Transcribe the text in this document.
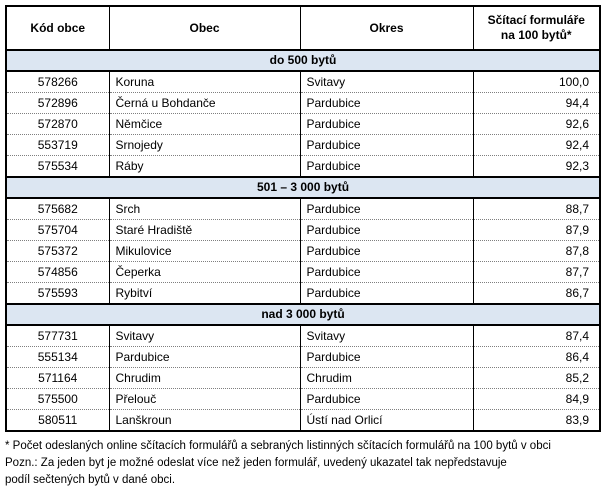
Kód obce	Obec	Okres	Sčítací formuláře na 100 bytů*
do 500 bytů			
578266	Koruna	Svitavy	100,0
572896	Černá u Bohdanče	Pardubice	94,4
572870	Němčice	Pardubice	92,6
553719	Srnojedy	Pardubice	92,4
575534	Ráby	Pardubice	92,3
501 – 3 000 bytů			
575682	Srch	Pardubice	88,7
575704	Staré Hradiště	Pardubice	87,9
575372	Mikulovice	Pardubice	87,8
574856	Čeperka	Pardubice	87,7
575593	Rybitví	Pardubice	86,7
nad 3 000 bytů			
577731	Svitavy	Svitavy	87,4
555134	Pardubice	Pardubice	86,4
571164	Chrudim	Chrudim	85,2
575500	Přelouč	Pardubice	84,9
580511	Lanškroun	Ústí nad Orlicí	83,9
* Počet odeslaných online sčítacích formulářů a sebraných listinných sčítacích formulářů na 100 bytů v obci
Pozn.: Za jeden byt je možné odeslat více než jeden formulář, uvedený ukazatel tak nepředstavuje
podíl sečtených bytů v dané obci.
